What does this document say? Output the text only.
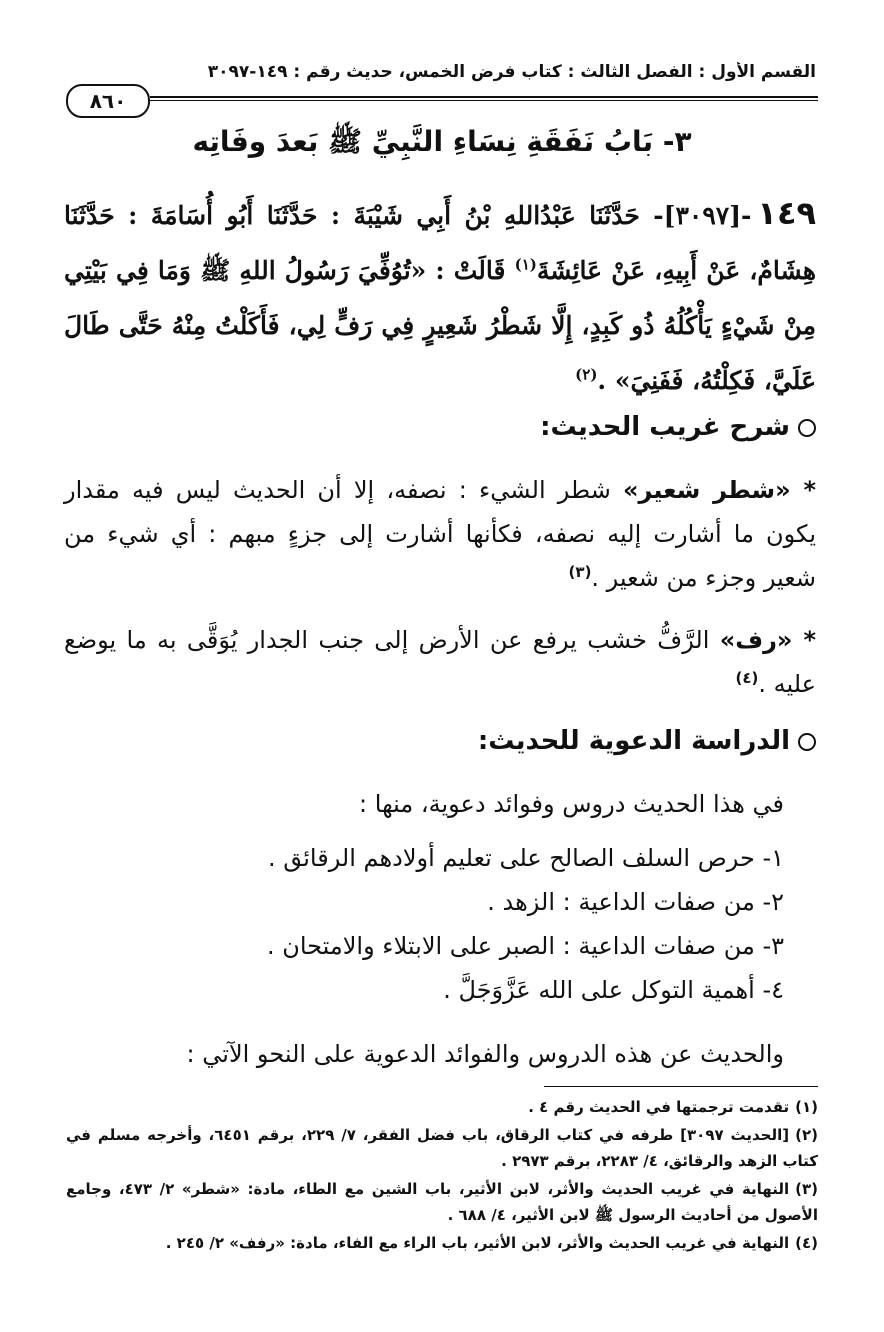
القسم الأول : الفصل الثالث : كتاب فرض الخمس، حديث رقم : ١٤٩-٣٠٩٧
٨٦٠
٣- بَابُ نَفَقَةِ نِسَاءِ النَّبِيِّ ﷺ بَعدَ وفَاتِه
١٤٩-[٣٠٩٧]- حَدَّثَنَا عَبْدُاللهِ بْنُ أَبِي شَيْبَةَ : حَدَّثَنَا أَبُو أُسَامَةَ : حَدَّثَنَا هِشَامٌ، عَنْ أَبِيهِ، عَنْ عَائِشَةَ$^{(١)}$ قَالَتْ : «تُوُفِّيَ رَسُولُ اللهِ ﷺ وَمَا فِي بَيْتِي مِنْ شَيْءٍ يَأْكُلُهُ ذُو كَبِدٍ، إِلَّا شَطْرُ شَعِيرٍ فِي رَفٍّ لِي، فَأَكَلْتُ مِنْهُ حَتَّى طَالَ عَلَيَّ، فَكِلْتُهُ، فَفَنِيَ» .$^{(٢)}$
شرح غريب الحديث:
* «شطر شعير» شطر الشيء : نصفه، إلا أن الحديث ليس فيه مقدار يكون ما أشارت إليه نصفه، فكأنها أشارت إلى جزءٍ مبهم : أي شيء من شعير وجزء من شعير .$^{(٣)}$
* «رف» الرَّفُّ خشب يرفع عن الأرض إلى جنب الجدار يُوَقَّى به ما يوضع عليه .$^{(٤)}$
الدراسة الدعوية للحديث:
في هذا الحديث دروس وفوائد دعوية، منها :
١- حرص السلف الصالح على تعليم أولادهم الرقائق .
٢- من صفات الداعية : الزهد .
٣- من صفات الداعية : الصبر على الابتلاء والامتحان .
٤- أهمية التوكل على الله عَزَّوَجَلَّ .
والحديث عن هذه الدروس والفوائد الدعوية على النحو الآتي :
(١)تقدمت ترجمتها في الحديث رقم ٤ .
(٢)[الحديث ٣٠٩٧] طرفه في كتاب الرقاق، باب فضل الفقر، ٧/ ٢٢٩، برقم ٦٤٥١، وأخرجه مسلم في كتاب الزهد والرقائق، ٤/ ٢٢٨٣، برقم ٢٩٧٣ .
(٣)النهاية في غريب الحديث والأثر، لابن الأثير، باب الشين مع الطاء، مادة: «شطر» ٢/ ٤٧٣، وجامع الأصول من أحاديث الرسول ﷺ لابن الأثير، ٤/ ٦٨٨ .
(٤)النهاية في غريب الحديث والأثر، لابن الأثير، باب الراء مع الفاء، مادة: «رفف» ٢/ ٢٤٥ .
